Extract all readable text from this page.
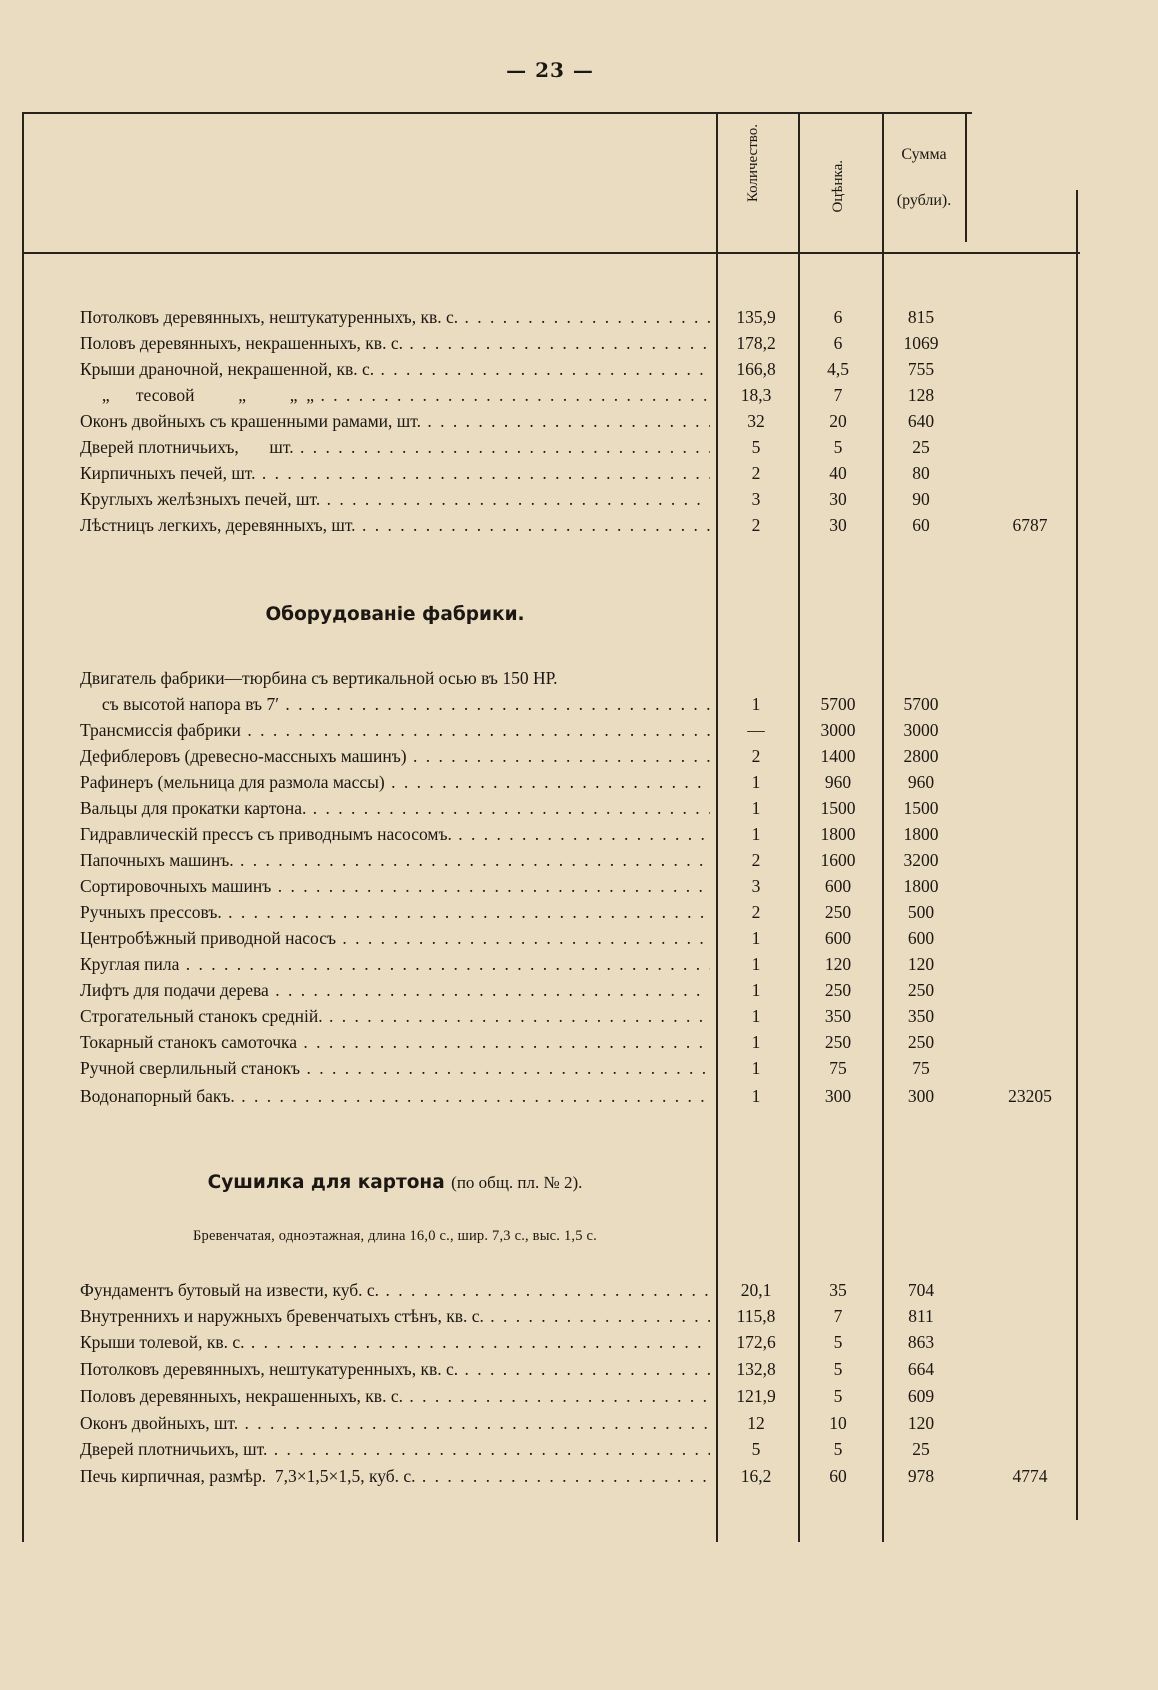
— 23 —
Количество.	Оцѣнка.
Сумма
(рубли).
Потолковъ деревянныхъ, нештукатуренныхъ, кв. с. . . .	135,9	6	815
Половъ деревянныхъ, некрашенныхъ, кв. с. . . .	178,2	6	1069
Крыши драночной, некрашенной, кв. с. . . .	166,8	4,5	755
„      тесовой          „          „  „ . . .	18,3	7	128
Оконъ двойныхъ съ крашенными рамами, шт. . . .	32	20	640
Дверей плотничьихъ,       шт. . . .	5	5	25
Кирпичныхъ печей, шт. . . .	2	40	80
Круглыхъ желѣзныхъ печей, шт. . . .	3	30	90
Лѣстницъ легкихъ, деревянныхъ, шт. . . .	2	30	60	6787
Двигатель фабрики—тюрбина съ вертикальной осью въ 150 НР.
съ высотой напора въ 7′ . . .	1	5700	5700
Трансмиссія фабрики . . .	—	3000	3000
Дефиблеровъ (древесно-массныхъ машинъ) . . .	2	1400	2800
Рафинеръ (мельница для размола массы) . . .	1	960	960
Вальцы для прокатки картона. . . .	1	1500	1500
Гидравлическій прессъ съ приводнымъ насосомъ. . . .	1	1800	1800
Папочныхъ машинъ. . . .	2	1600	3200
Сортировочныхъ машинъ . . .	3	600	1800
Ручныхъ прессовъ. . . .	2	250	500
Центробѣжный приводной насосъ . . .	1	600	600
Круглая пила . . .	1	120	120
Лифтъ для подачи дерева . . .	1	250	250
Строгательный станокъ средній. . . .	1	350	350
Токарный станокъ самоточка . . .	1	250	250
Ручной сверлильный станокъ . . .	1	75	75
Водонапорный бакъ. . . .	1	300	300	23205
Фундаментъ бутовый на извести, куб. с. . . .	20,1	35	704
Внутреннихъ и наружныхъ бревенчатыхъ стѣнъ, кв. с. . . .	115,8	7	811
Крыши толевой, кв. с. . . .	172,6	5	863
Потолковъ деревянныхъ, нештукатуренныхъ, кв. с. . . .	132,8	5	664
Половъ деревянныхъ, некрашенныхъ, кв. с. . . .	121,9	5	609
Оконъ двойныхъ, шт. . . .	12	10	120
Дверей плотничьихъ, шт. . . .	5	5	25
Печь кирпичная, размѣр.  7,3×1,5×1,5, куб. с. . . .	16,2	60	978	4774
Оборудованіе фабрики.
Сушилка для картона (по общ. пл. № 2).
Бревенчатая, одноэтажная, длина 16,0 с., шир. 7,3 с., выс. 1,5 с.
